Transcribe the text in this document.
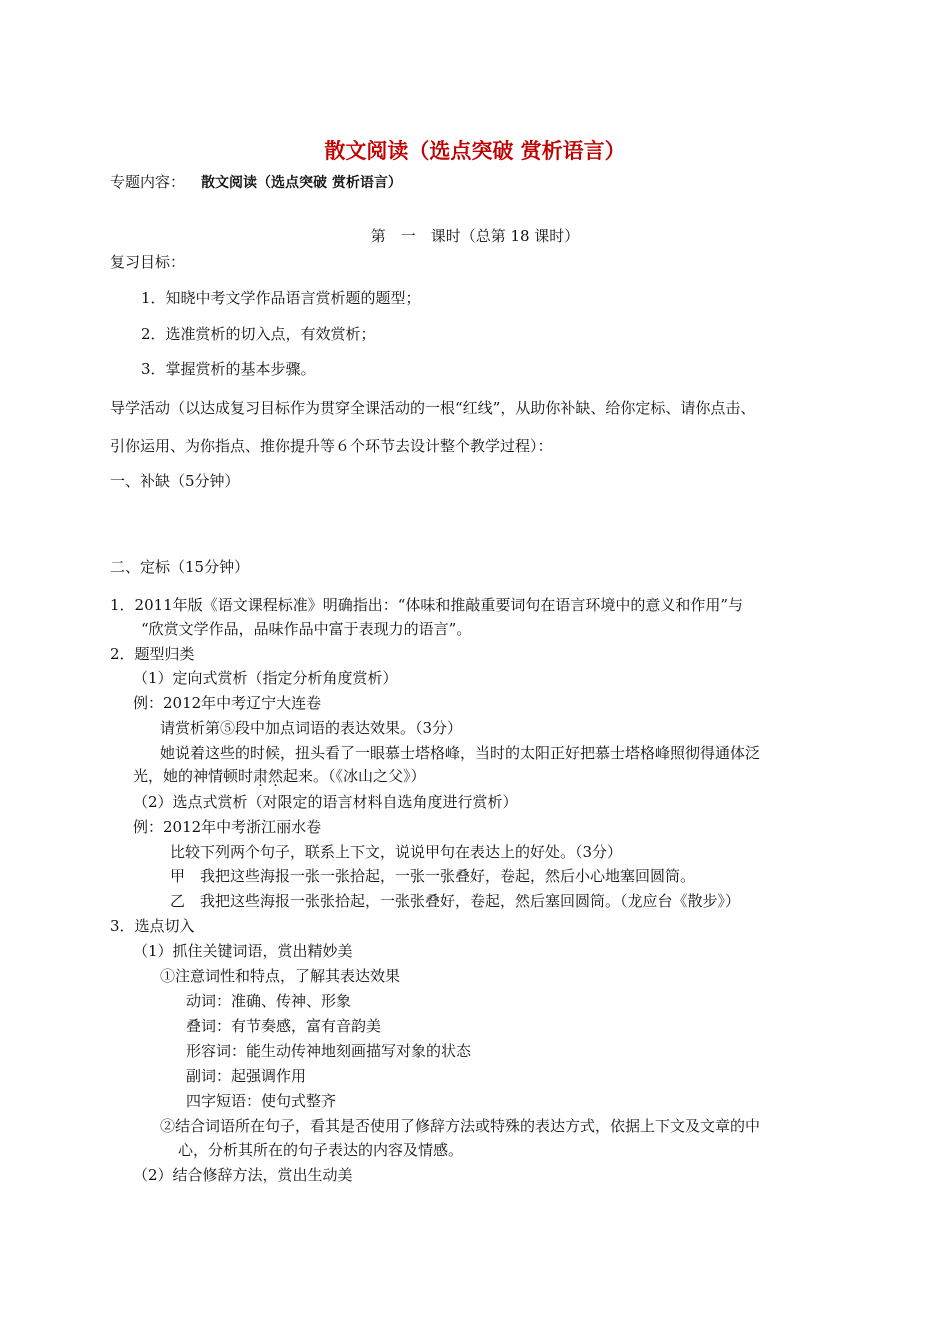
散文阅读（选点突破 赏析语言）
专题内容： 散文阅读（选点突破 赏析语言）
第　一　课时（总第 18 课时）
复习目标：
1．知晓中考文学作品语言赏析题的题型；
2．选准赏析的切入点，有效赏析；
3．掌握赏析的基本步骤。
导学活动（以达成复习目标作为贯穿全课活动的一根“红线”，从助你补缺、给你定标、请你点击、
引你运用、为你指点、推你提升等６个环节去设计整个教学过程）：
一、补缺（5分钟）
二、定标（15分钟）
1．2011年版《语文课程标准》明确指出：“体味和推敲重要词句在语言环境中的意义和作用”与
“欣赏文学作品，品味作品中富于表现力的语言”。
2．题型归类
（1）定向式赏析（指定分析角度赏析）
例：2012年中考辽宁大连卷
请赏析第⑤段中加点词语的表达效果。（3分）
她说着这些的时候，扭头看了一眼慕士塔格峰，当时的太阳正好把慕士塔格峰照彻得通体泛
光，她的神情顿时肃然起来。（《冰山之父》）
（2）选点式赏析（对限定的语言材料自选角度进行赏析）
例：2012年中考浙江丽水卷
比较下列两个句子，联系上下文，说说甲句在表达上的好处。（3分）
甲　我把这些海报一张一张拾起，一张一张叠好，卷起，然后小心地塞回圆筒。
乙　我把这些海报一张张拾起，一张张叠好，卷起，然后塞回圆筒。（龙应台《散步》）
3．选点切入
（1）抓住关键词语，赏出精妙美
①注意词性和特点，了解其表达效果
动词：准确、传神、形象
叠词：有节奏感，富有音韵美
形容词：能生动传神地刻画描写对象的状态
副词：起强调作用
四字短语：使句式整齐
②结合词语所在句子，看其是否使用了修辞方法或特殊的表达方式，依据上下文及文章的中
心，分析其所在的句子表达的内容及情感。
（2）结合修辞方法，赏出生动美
